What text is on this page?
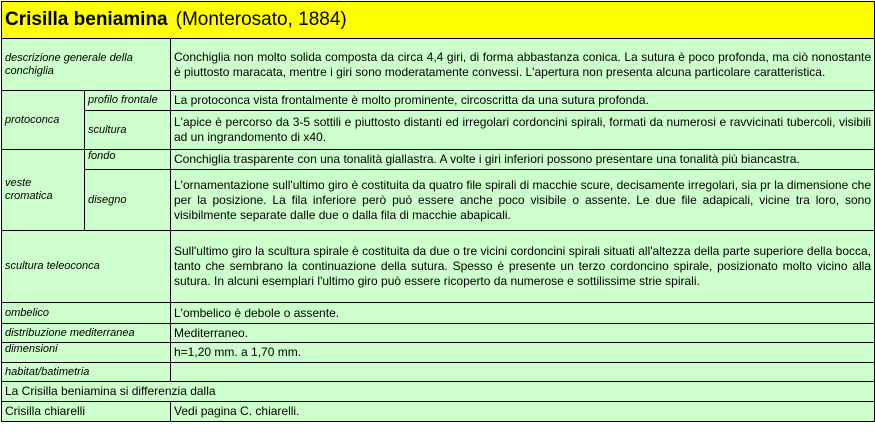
Crisilla beniamina (Monterosato, 1884)		
descrizione generale della conchiglia		Conchiglia non molto solida composta da circa 4,4 giri, di forma abbastanza conica. La sutura è poco profonda, ma ciò nonostante è piuttosto maracata, mentre i giri sono moderatamente convessi. L'apertura non presenta alcuna particolare caratteristica.
protoconca	profilo frontale	La protoconca vista frontalmente è molto prominente, circoscritta da una sutura profonda.
	scultura	L'apice è percorso da 3-5 sottili e piuttosto distanti ed irregolari cordoncini spirali, formati da numerosi e ravvicinati tubercoli, visibili ad un ingrandomento di x40.
veste cromatica	fondo	Conchiglia trasparente con una tonalità giallastra. A volte i giri inferiori possono presentare una tonalità più biancastra.
	disegno	L'ornamentazione sull'ultimo giro è costituita da quatro file spirali di macchie scure, decisamente irregolari, sia pr la dimensione che per la posizione. La fila inferiore però può essere anche poco visibile o assente. Le due file adapicali, vicine tra loro, sono visibilmente separate dalle due o dalla fila di macchie abapicali.
scultura teleoconca		Sull'ultimo giro la scultura spirale è costituita da due o tre vicini cordoncini spirali situati all'altezza della parte superiore della bocca, tanto che sembrano la continuazione della sutura. Spesso è presente un terzo cordoncino spirale, posizionato molto vicino alla sutura. In alcuni esemplari l'ultimo giro può essere ricoperto da numerose e sottilissime strie spirali.
ombelico		L'ombelico è debole o assente.
distribuzione mediterranea		Mediterraneo.
dimensioni		h=1,20 mm. a 1,70 mm.
habitat/batimetria		
La Crisilla beniamina si differenzia dalla		
Crisilla chiarelli		Vedi pagina C. chiarelli.
